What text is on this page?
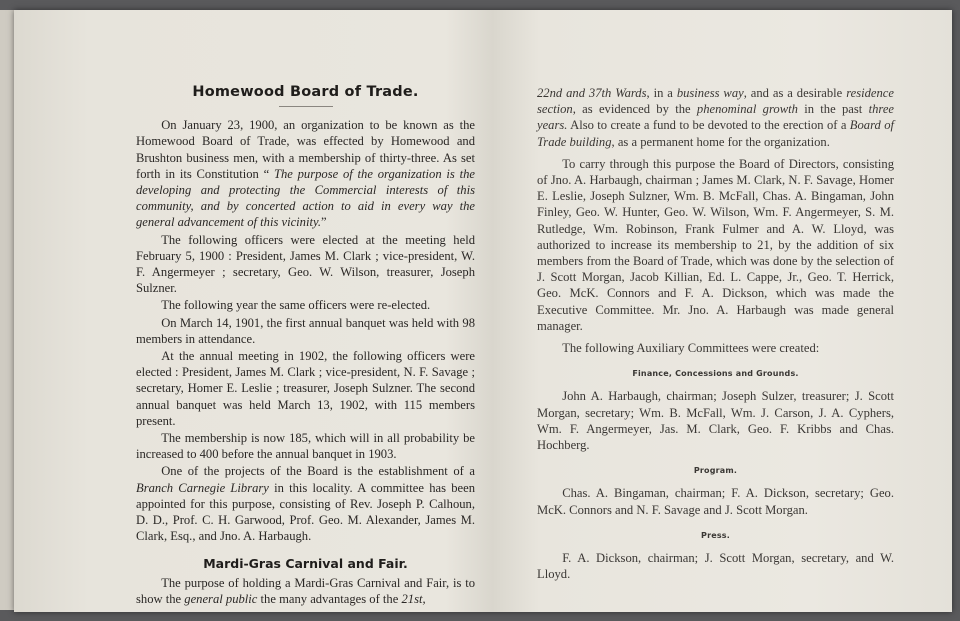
Homewood Board of Trade.

On January 23, 1900, an organization to be known as the Homewood Board of Trade, was effected by Homewood and Brushton business men, with a membership of thirty-three. As set forth in its Constitution “ The purpose of the organization is the developing and protecting the Commercial interests of this community, and by concerted action to aid in every way the general advancement of this vicinity.”

The following officers were elected at the meeting held February 5, 1900 : President, James M. Clark ; vice-president, W. F. Angermeyer ; secretary, Geo. W. Wilson, treasurer, Joseph Sulzner.

The following year the same officers were re-elected.

On March 14, 1901, the first annual banquet was held with 98 members in attendance.

At the annual meeting in 1902, the following officers were elected : President, James M. Clark ; vice-president, N. F. Savage ; secretary, Homer E. Leslie ; treasurer, Joseph Sulzner. The second annual banquet was held March 13, 1902, with 115 members present.

The membership is now 185, which will in all probability be increased to 400 before the annual banquet in 1903.

One of the projects of the Board is the establishment of a Branch Carnegie Library in this locality. A committee has been appointed for this purpose, consisting of Rev. Joseph P. Calhoun, D. D., Prof. C. H. Garwood, Prof. Geo. M. Alexander, James M. Clark, Esq., and Jno. A. Harbaugh.

Mardi-Gras Carnival and Fair.

The purpose of holding a Mardi-Gras Carnival and Fair, is to show the general public the many advantages of the 21st,

22nd and 37th Wards, in a business way, and as a desirable residence section, as evidenced by the phenominal growth in the past three years. Also to create a fund to be devoted to the erection of a Board of Trade building, as a permanent home for the organization.

To carry through this purpose the Board of Directors, consisting of Jno. A. Harbaugh, chairman ; James M. Clark, N. F. Savage, Homer E. Leslie, Joseph Sulzner, Wm. B. McFall, Chas. A. Bingaman, John Finley, Geo. W. Hunter, Geo. W. Wilson, Wm. F. Angermeyer, S. M. Rutledge, Wm. Robinson, Frank Fulmer and A. W. Lloyd, was authorized to increase its membership to 21, by the addition of six members from the Board of Trade, which was done by the selection of J. Scott Morgan, Jacob Killian, Ed. L. Cappe, Jr., Geo. T. Herrick, Geo. McK. Connors and F. A. Dickson, which was made the Executive Committee. Mr. Jno. A. Harbaugh was made general manager.

The following Auxiliary Committees were created:

Finance, Concessions and Grounds.

John A. Harbaugh, chairman; Joseph Sulzer, treasurer; J. Scott Morgan, secretary; Wm. B. McFall, Wm. J. Carson, J. A. Cyphers, Wm. F. Angermeyer, Jas. M. Clark, Geo. F. Kribbs and Chas. Hochberg.

Program.

Chas. A. Bingaman, chairman; F. A. Dickson, secretary; Geo. McK. Connors and N. F. Savage and J. Scott Morgan.

Press.

F. A. Dickson, chairman; J. Scott Morgan, secretary, and W. Lloyd.
